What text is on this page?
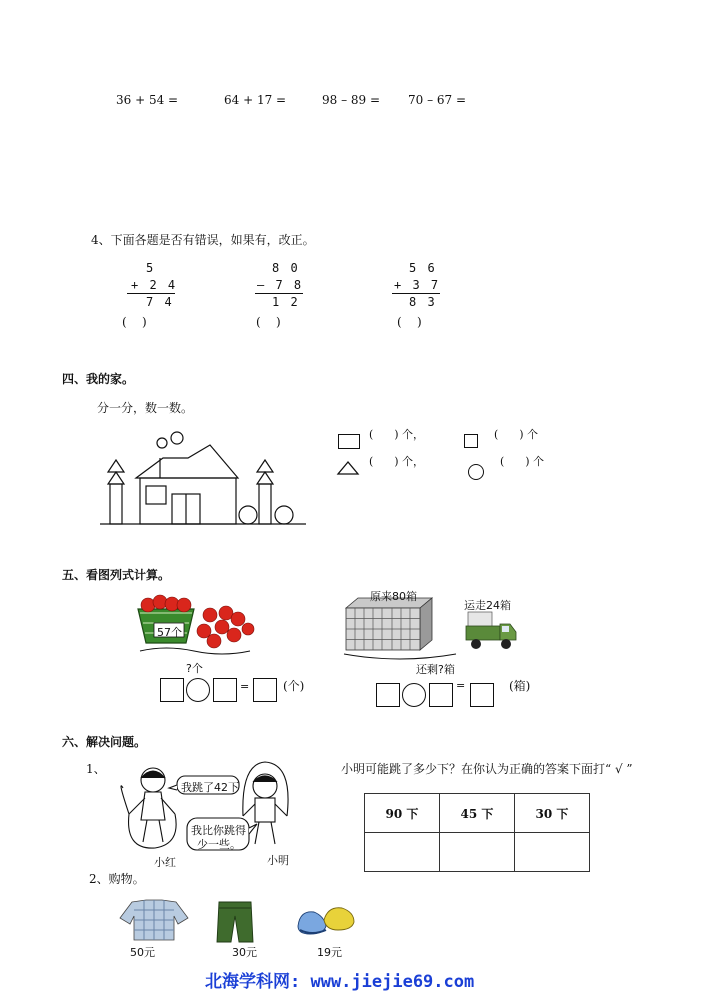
36 + 54 =	64 + 17 =	98 – 89 = 70 – 67 =
4、下面各题是否有错误，如果有，改正。
5
+ 2 4
7 4
(    )
8 0
– 7 8
1 2
(    )
5 6
+ 3 7
8 3
(    )
四、我的家。
分一分，数一数。
(      ) 个，	(      ) 个
(      ) 个，	(      ) 个
五、看图列式计算。
57个
?个
=	(个)
原来80箱
运走24箱
还剩?箱
=	(箱)
六、解决问题。
1、
我跳了42下
我比你跳得
少一些。
小红	小明
小明可能跳了多少下？在你认为正确的答案下面打“ √ ”
90 下	45 下	30 下

2、购物。
50元	30元	19元
北海学科网: www.jiejie69.com
